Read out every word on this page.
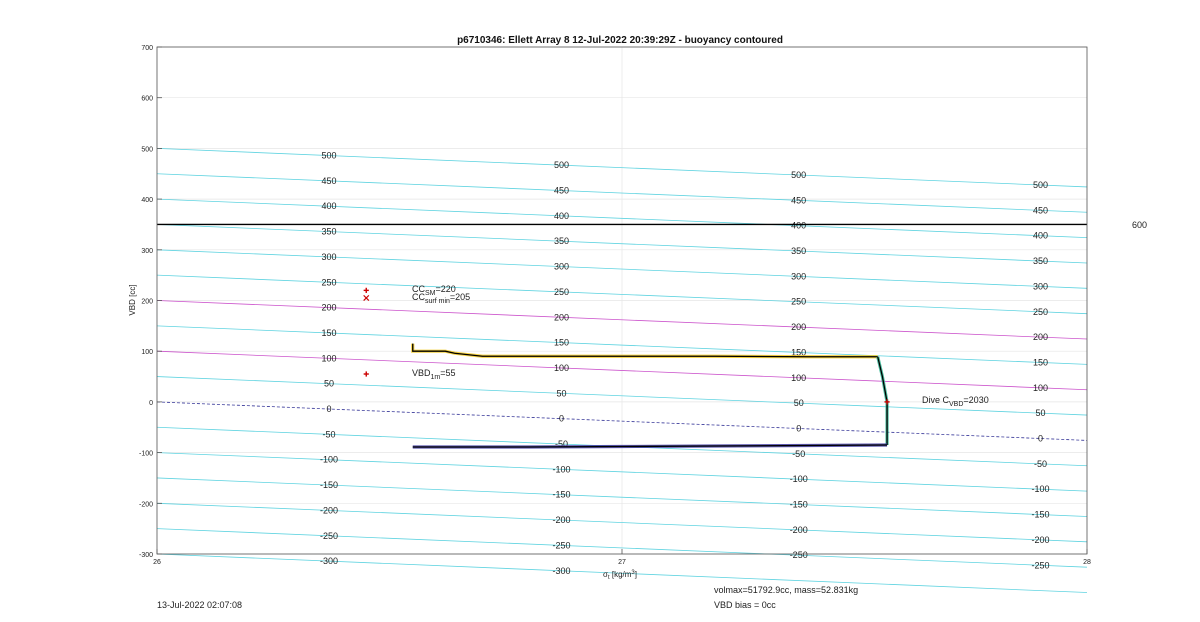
-300
-250
-200
-150
-100
-50
0
50
100
150
200
250
300
350
400
450
500
-300
-250
-200
-150
-100
-50
0
50
100
150
200
250
300
350
400
450
500
-250
-200
-150
-100
-50
0
50
100
150
200
250
300
350
400
450
500
-250
-200
-150
-100
-50
0
50
100
150
200
250
300
350
400
450
500
$CC_{SM}=220$
$CC_{surf min}=205$
$VBD_{1m}=55$
Dive $C_{VBD}=2030$
-300
-200
-100
0
100
200
300
400
500
600
700
26	27	28
p6710346: Ellett Array 8 12-Jul-2022 20:39:29Z - buoyancy contoured
VBD [cc]
$\sigma_t$ $[kg/m^3]$
600
13-Jul-2022 02:07:08
volmax=51792.9cc, mass=52.831kg
VBD bias = 0cc
